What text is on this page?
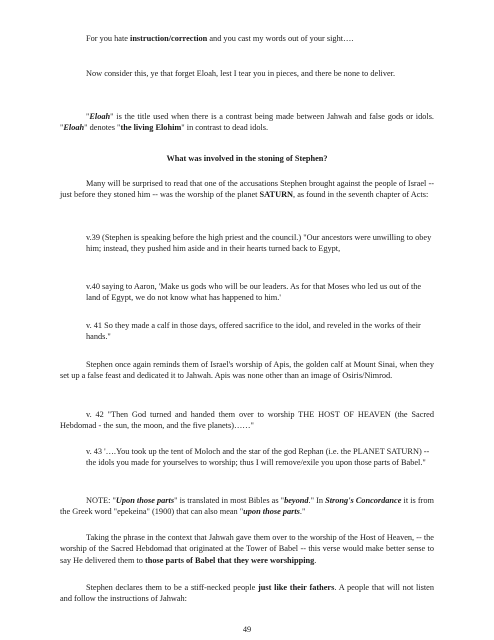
For you hate instruction/correction and you cast my words out of your sight….

Now consider this, ye that forget Eloah, lest I tear you in pieces, and there be none to deliver.

"Eloah" is the title used when there is a contrast being made between Jahwah and false gods or idols. "Eloah" denotes "the living Elohim" in contrast to dead idols.

What was involved in the stoning of Stephen?

Many will be surprised to read that one of the accusations Stephen brought against the people of Israel -- just before they stoned him -- was the worship of the planet SATURN, as found in the seventh chapter of Acts:

v.39 (Stephen is speaking before the high priest and the council.) "Our ancestors were unwilling to obey him; instead, they pushed him aside and in their hearts turned back to Egypt,

v.40 saying to Aaron, 'Make us gods who will be our leaders. As for that Moses who led us out of the land of Egypt, we do not know what has happened to him.'

v. 41 So they made a calf in those days, offered sacrifice to the idol, and reveled in the works of their hands."

Stephen once again reminds them of Israel's worship of Apis, the golden calf at Mount Sinai, when they set up a false feast and dedicated it to Jahwah. Apis was none other than an image of Osiris/Nimrod.

v. 42 "Then God turned and handed them over to worship THE HOST OF HEAVEN (the Sacred Hebdomad - the sun, the moon, and the five planets)……"

v. 43 '….You took up the tent of Moloch and the star of the god Rephan (i.e. the PLANET SATURN) -- the idols you made for yourselves to worship; thus I will remove/exile you upon those parts of Babel."

NOTE: "Upon those parts" is translated in most Bibles as "beyond." In Strong's Concordance it is from the Greek word "epekeina" (1900) that can also mean "upon those parts."

Taking the phrase in the context that Jahwah gave them over to the worship of the Host of Heaven, -- the worship of the Sacred Hebdomad that originated at the Tower of Babel -- this verse would make better sense to say He delivered them to those parts of Babel that they were worshipping.

Stephen declares them to be a stiff-necked people just like their fathers. A people that will not listen and follow the instructions of Jahwah:

49
